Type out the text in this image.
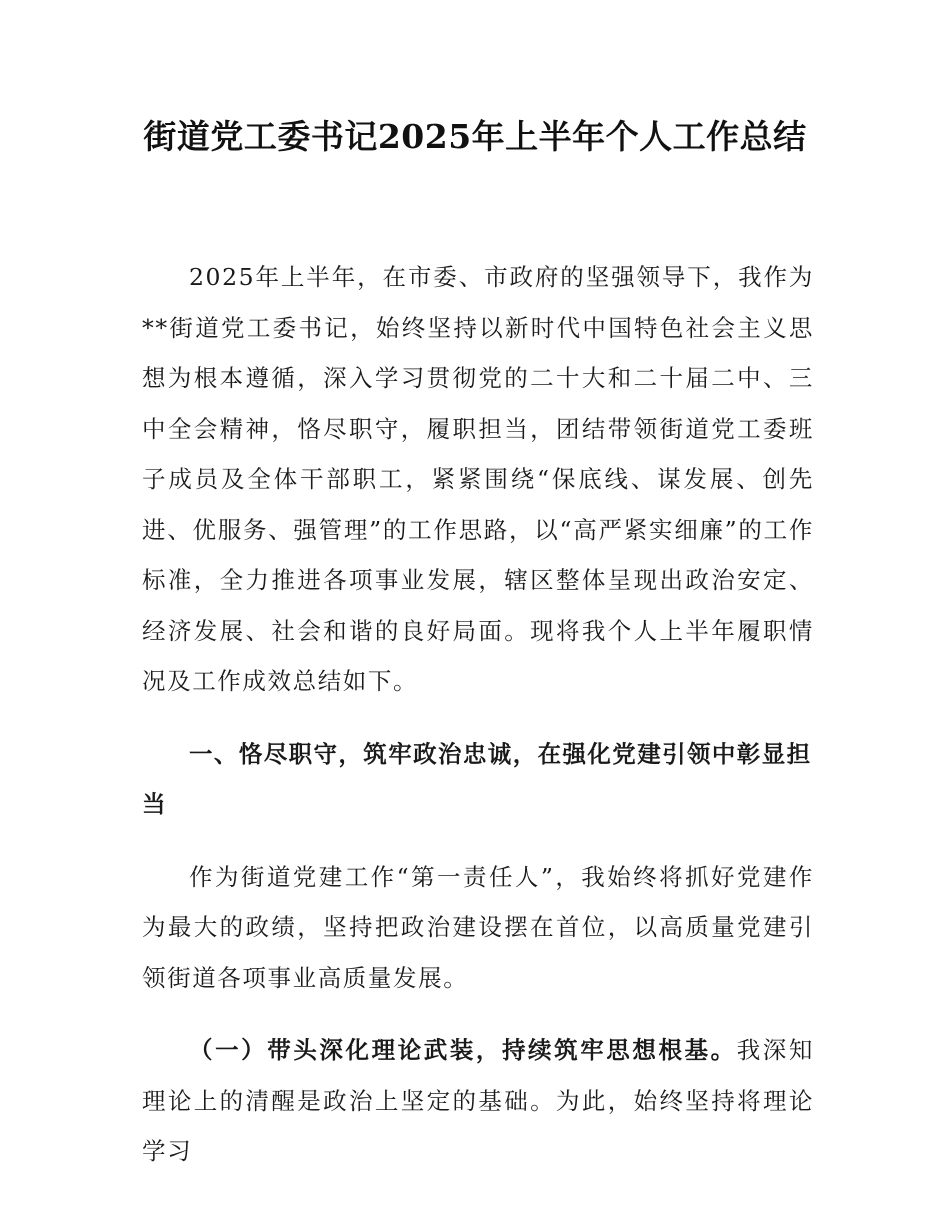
街道党工委书记2025年上半年个人工作总结

2025年上半年，在市委、市政府的坚强领导下，我作为**街道党工委书记，始终坚持以新时代中国特色社会主义思想为根本遵循，深入学习贯彻党的二十大和二十届二中、三中全会精神，恪尽职守，履职担当，团结带领街道党工委班子成员及全体干部职工，紧紧围绕“保底线、谋发展、创先进、优服务、强管理”的工作思路，以“高严紧实细廉”的工作标准，全力推进各项事业发展，辖区整体呈现出政治安定、经济发展、社会和谐的良好局面。现将我个人上半年履职情况及工作成效总结如下。

一、恪尽职守，筑牢政治忠诚，在强化党建引领中彰显担当

作为街道党建工作“第一责任人”，我始终将抓好党建作为最大的政绩，坚持把政治建设摆在首位，以高质量党建引领街道各项事业高质量发展。

（一）带头深化理论武装，持续筑牢思想根基。我深知理论上的清醒是政治上坚定的基础。为此，始终坚持将理论学习
